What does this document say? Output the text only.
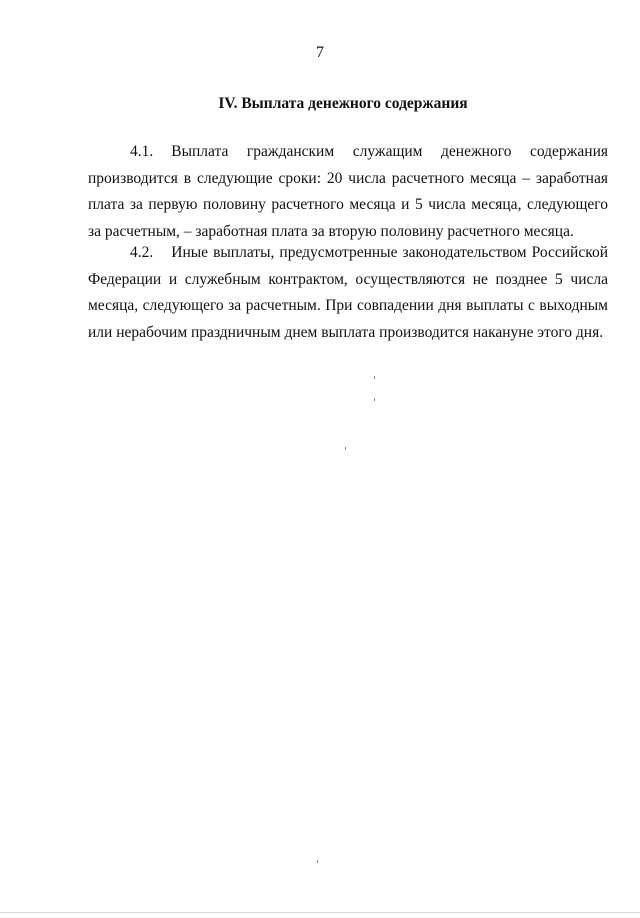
7
IV. Выплата денежного содержания

4.1. Выплата гражданским служащим денежного содержания производится в следующие сроки: 20 числа расчетного месяца – заработная плата за первую половину расчетного месяца и 5 числа месяца, следующего за расчетным, – заработная плата за вторую половину расчетного месяца.

4.2. Иные выплаты, предусмотренные законодательством Российской Федерации и служебным контрактом, осуществляются не позднее 5 числа месяца, следующего за расчетным. При совпадении дня выплаты с выходным или нерабочим праздничным днем выплата производится накануне этого дня.
